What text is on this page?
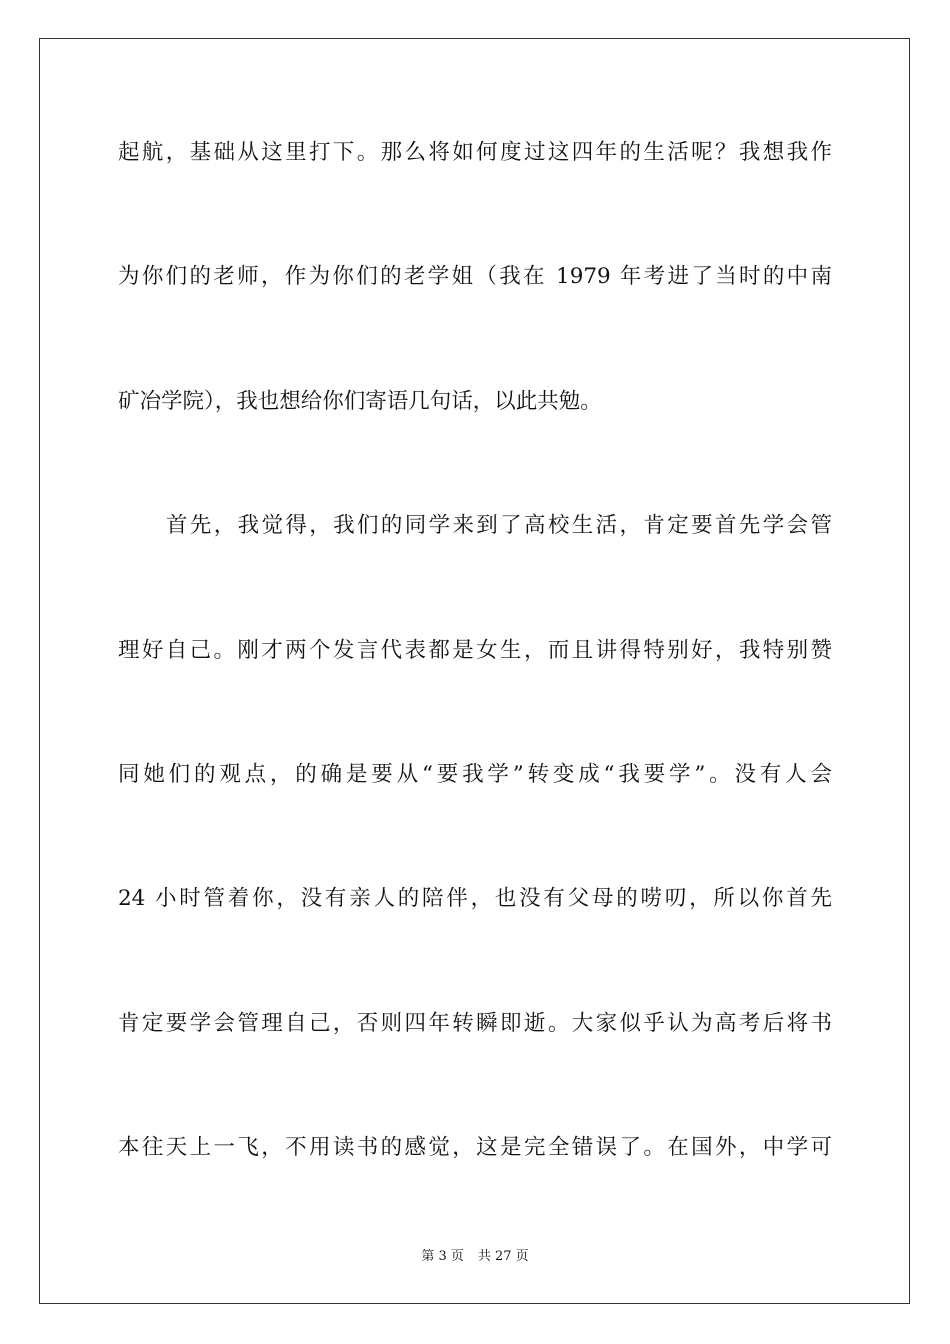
起航，基础从这里打下。那么将如何度过这四年的生活呢？我想我作
为你们的老师，作为你们的老学姐（我在 1979 年考进了当时的中南
矿冶学院），我也想给你们寄语几句话，以此共勉。
首先，我觉得，我们的同学来到了高校生活，肯定要首先学会管
理好自己。刚才两个发言代表都是女生，而且讲得特别好，我特别赞
同她们的观点，的确是要从“要我学”转变成“我要学”。没有人会
24 小时管着你，没有亲人的陪伴，也没有父母的唠叨，所以你首先
肯定要学会管理自己，否则四年转瞬即逝。大家似乎认为高考后将书
本往天上一飞，不用读书的感觉，这是完全错误了。在国外，中学可
第 3 页 共 27 页
